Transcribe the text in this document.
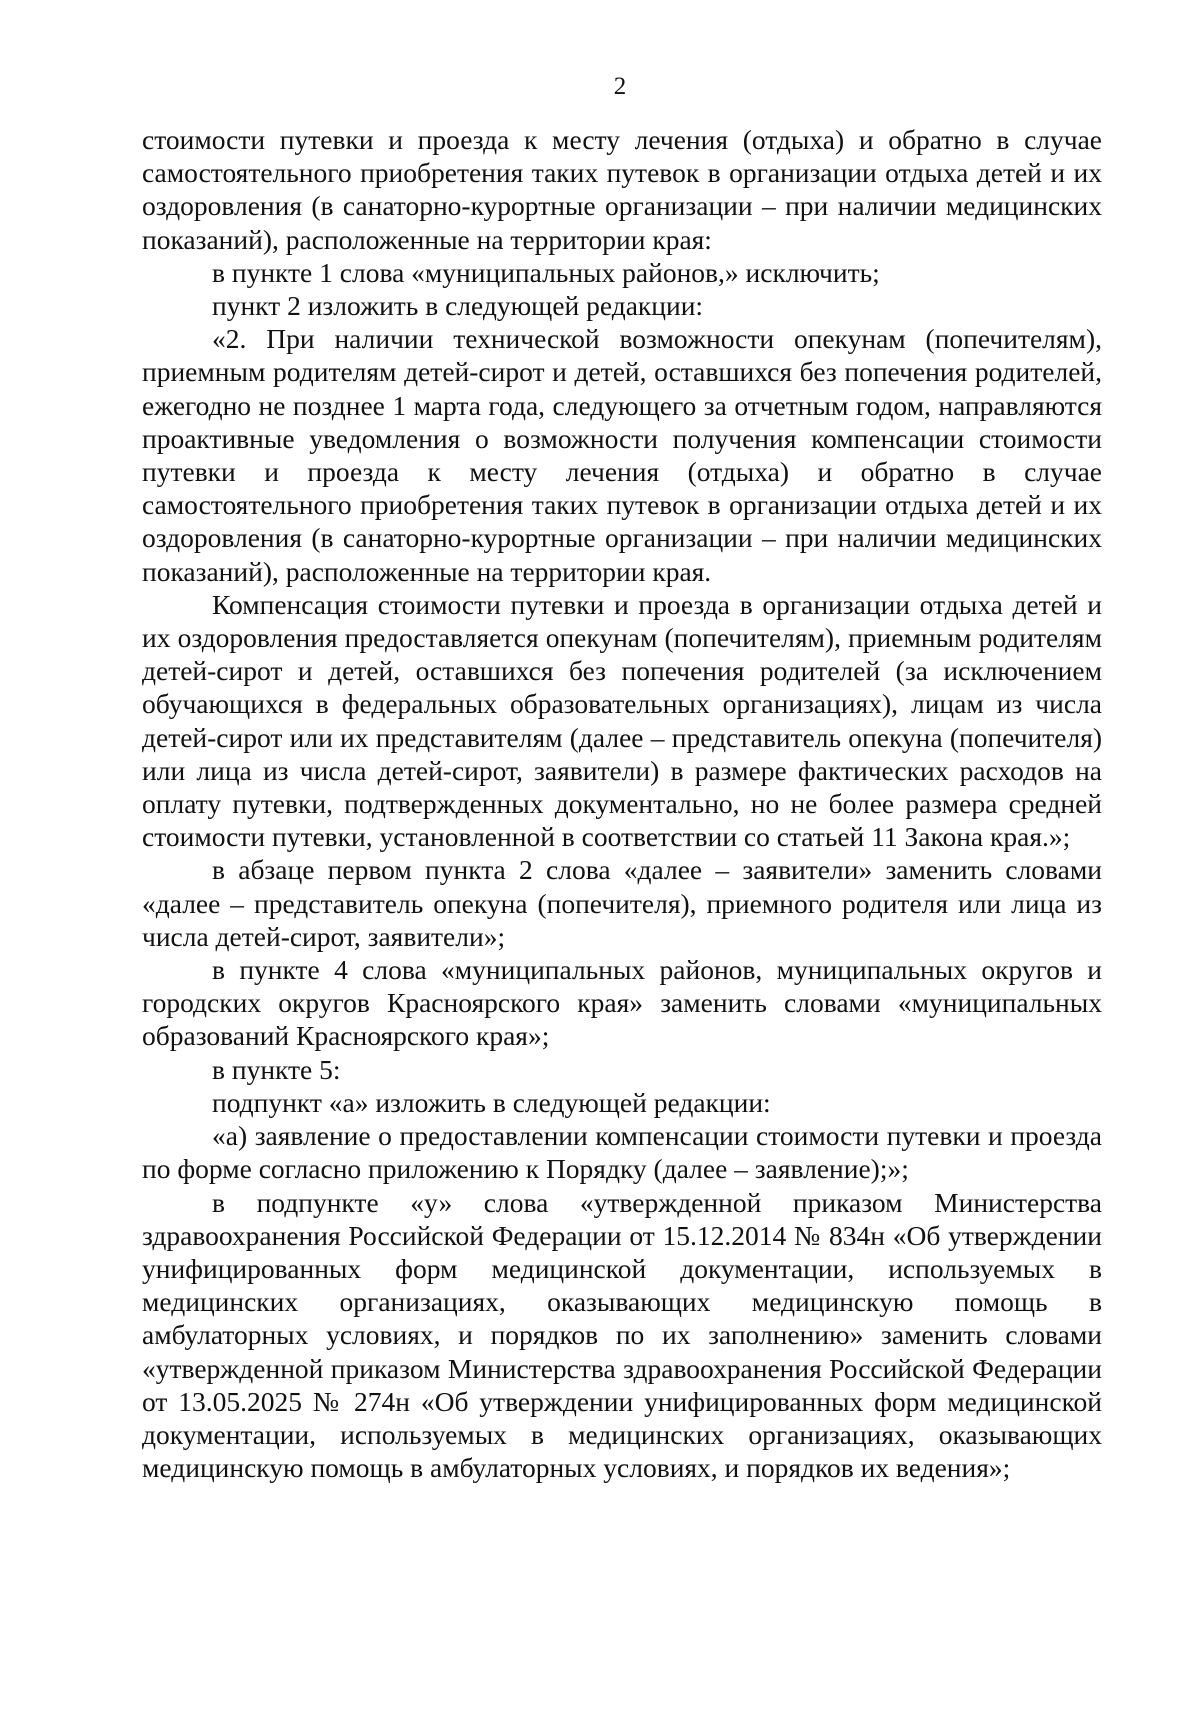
2

стоимости путевки и проезда к месту лечения (отдыха) и обратно в случае самостоятельного приобретения таких путевок в организации отдыха детей и их оздоровления (в санаторно-курортные организации – при наличии медицинских показаний), расположенные на территории края:

в пункте 1 слова «муниципальных районов,» исключить;

пункт 2 изложить в следующей редакции:

«2. При наличии технической возможности опекунам (попечителям), приемным родителям детей-сирот и детей, оставшихся без попечения родителей, ежегодно не позднее 1 марта года, следующего за отчетным годом, направляются проактивные уведомления о возможности получения компенсации стоимости путевки и проезда к месту лечения (отдыха) и обратно в случае самостоятельного приобретения таких путевок в организации отдыха детей и их оздоровления (в санаторно-курортные организации – при наличии медицинских показаний), расположенные на территории края.

Компенсация стоимости путевки и проезда в организации отдыха детей и их оздоровления предоставляется опекунам (попечителям), приемным родителям детей-сирот и детей, оставшихся без попечения родителей (за исключением обучающихся в федеральных образовательных организациях), лицам из числа детей-сирот или их представителям (далее – представитель опекуна (попечителя) или лица из числа детей-сирот, заявители) в размере фактических расходов на оплату путевки, подтвержденных документально, но не более размера средней стоимости путевки, установленной в соответствии со статьей 11 Закона края.»;

в абзаце первом пункта 2 слова «далее – заявители» заменить словами «далее – представитель опекуна (попечителя), приемного родителя или лица из числа детей-сирот, заявители»;

в пункте 4 слова «муниципальных районов, муниципальных округов и городских округов Красноярского края» заменить словами «муниципальных образований Красноярского края»;

в пункте 5:

подпункт «а» изложить в следующей редакции:

«а) заявление о предоставлении компенсации стоимости путевки и проезда по форме согласно приложению к Порядку (далее – заявление);»;

в подпункте «у» слова «утвержденной приказом Министерства здравоохранения Российской Федерации от 15.12.2014 № 834н «Об утверждении унифицированных форм медицинской документации, используемых в медицинских организациях, оказывающих медицинскую помощь в амбулаторных условиях, и порядков по их заполнению» заменить словами «утвержденной приказом Министерства здравоохранения Российской Федерации от 13.05.2025 № 274н «Об утверждении унифицированных форм медицинской документации, используемых в медицинских организациях, оказывающих медицинскую помощь в амбулаторных условиях, и порядков их ведения»;
